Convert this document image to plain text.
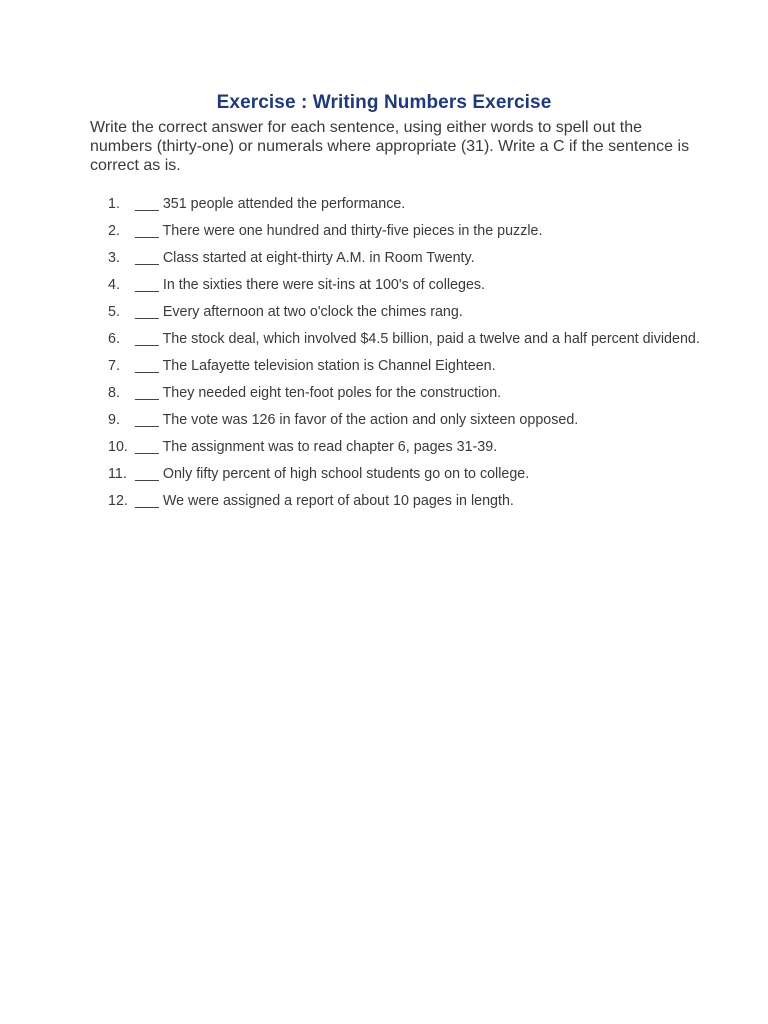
Exercise : Writing Numbers Exercise
Write the correct answer for each sentence, using either words to spell out the numbers (thirty-one) or numerals where appropriate (31). Write a C if the sentence is correct as is.
1.	___ 351 people attended the performance.
2.	___ There were one hundred and thirty-five pieces in the puzzle.
3.	___ Class started at eight-thirty A.M. in Room Twenty.
4.	___ In the sixties there were sit-ins at 100's of colleges.
5.	___ Every afternoon at two o'clock the chimes rang.
6.	___ The stock deal, which involved $4.5 billion, paid a twelve and a half percent dividend.
7.	___ The Lafayette television station is Channel Eighteen.
8.	___ They needed eight ten-foot poles for the construction.
9.	___ The vote was 126 in favor of the action and only sixteen opposed.
10. ___ The assignment was to read chapter 6, pages 31-39.
11. ___ Only fifty percent of high school students go on to college.
12. ___ We were assigned a report of about 10 pages in length.
